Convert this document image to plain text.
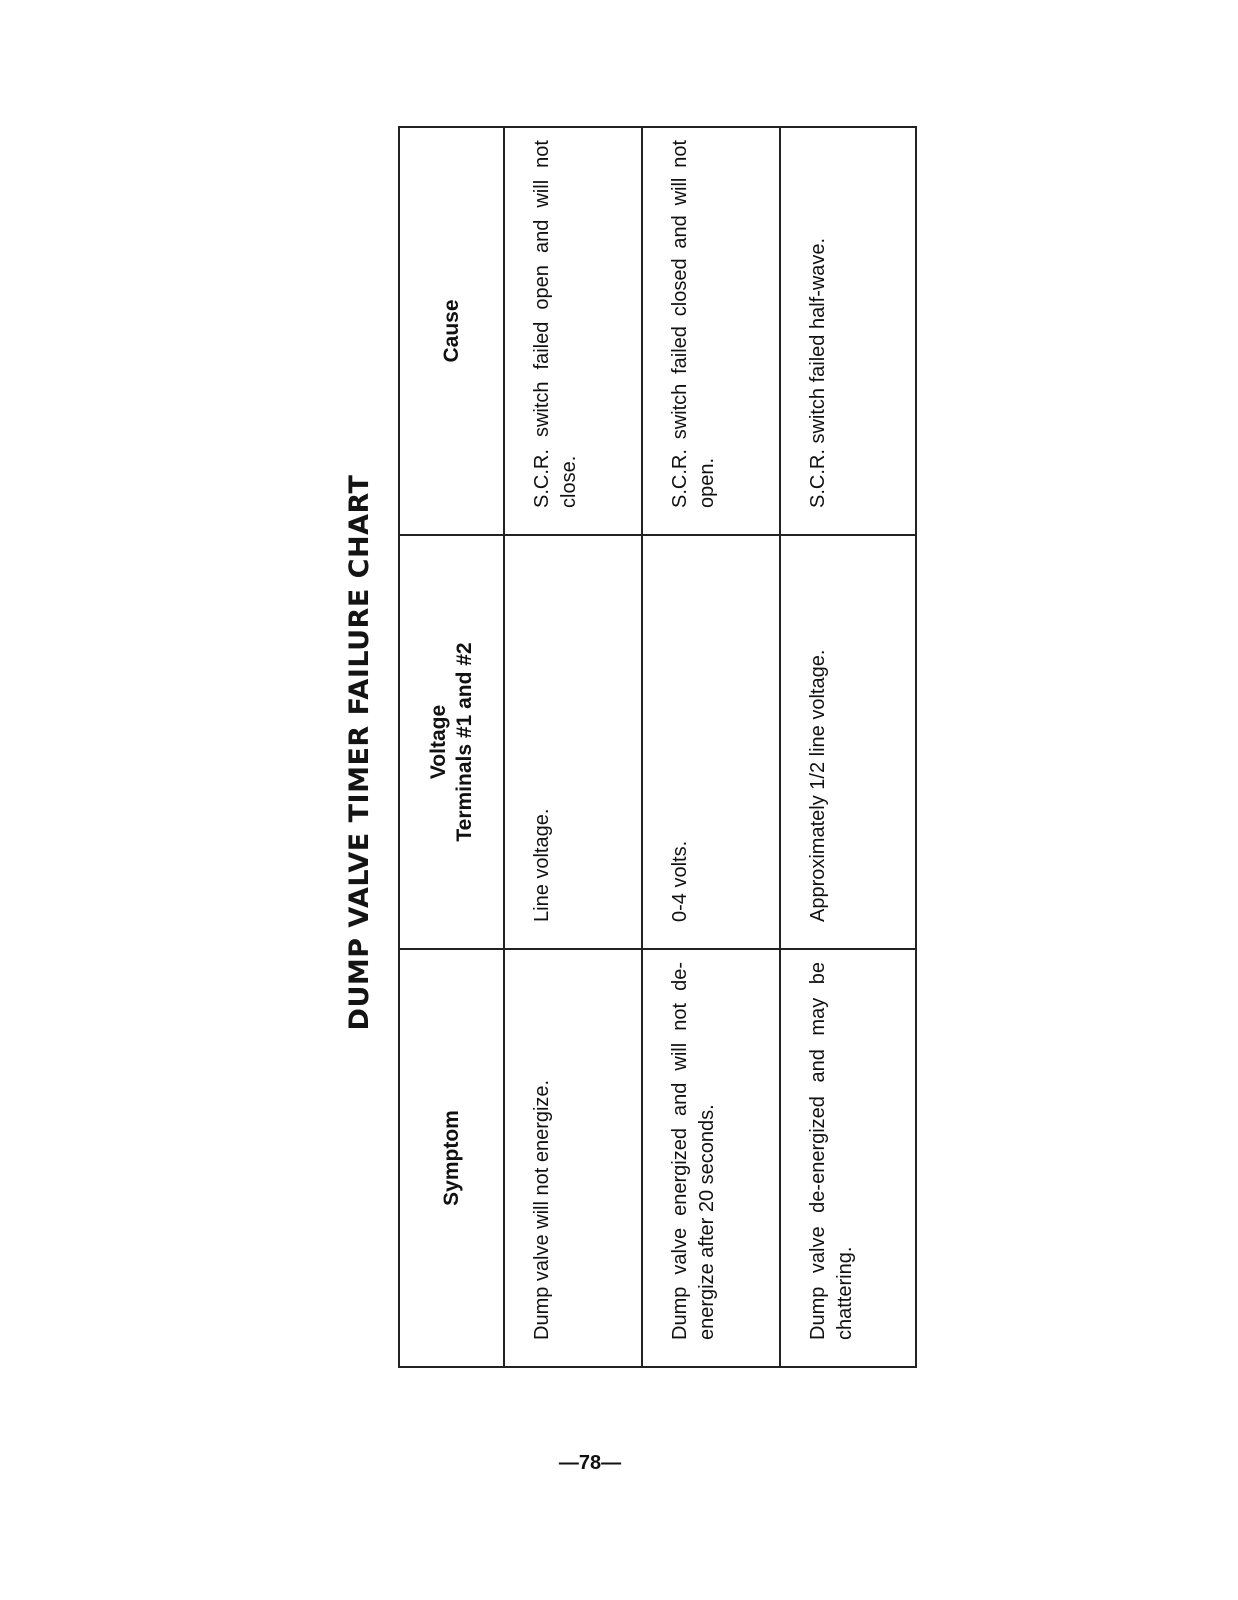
DUMP VALVE TIMER FAILURE CHART
Symptom	Voltage Terminals #1 and #2	Cause
Dump valve will not energize.	Line voltage.	S.C.R. switch failed open and will not close.
Dump valve energized and will not de-energize after 20 seconds.	0-4 volts.	S.C.R. switch failed closed and will not open.
Dump valve de-energized and may be chattering.	Approximately 1/2 line voltage.	S.C.R. switch failed half-wave.
—78—
